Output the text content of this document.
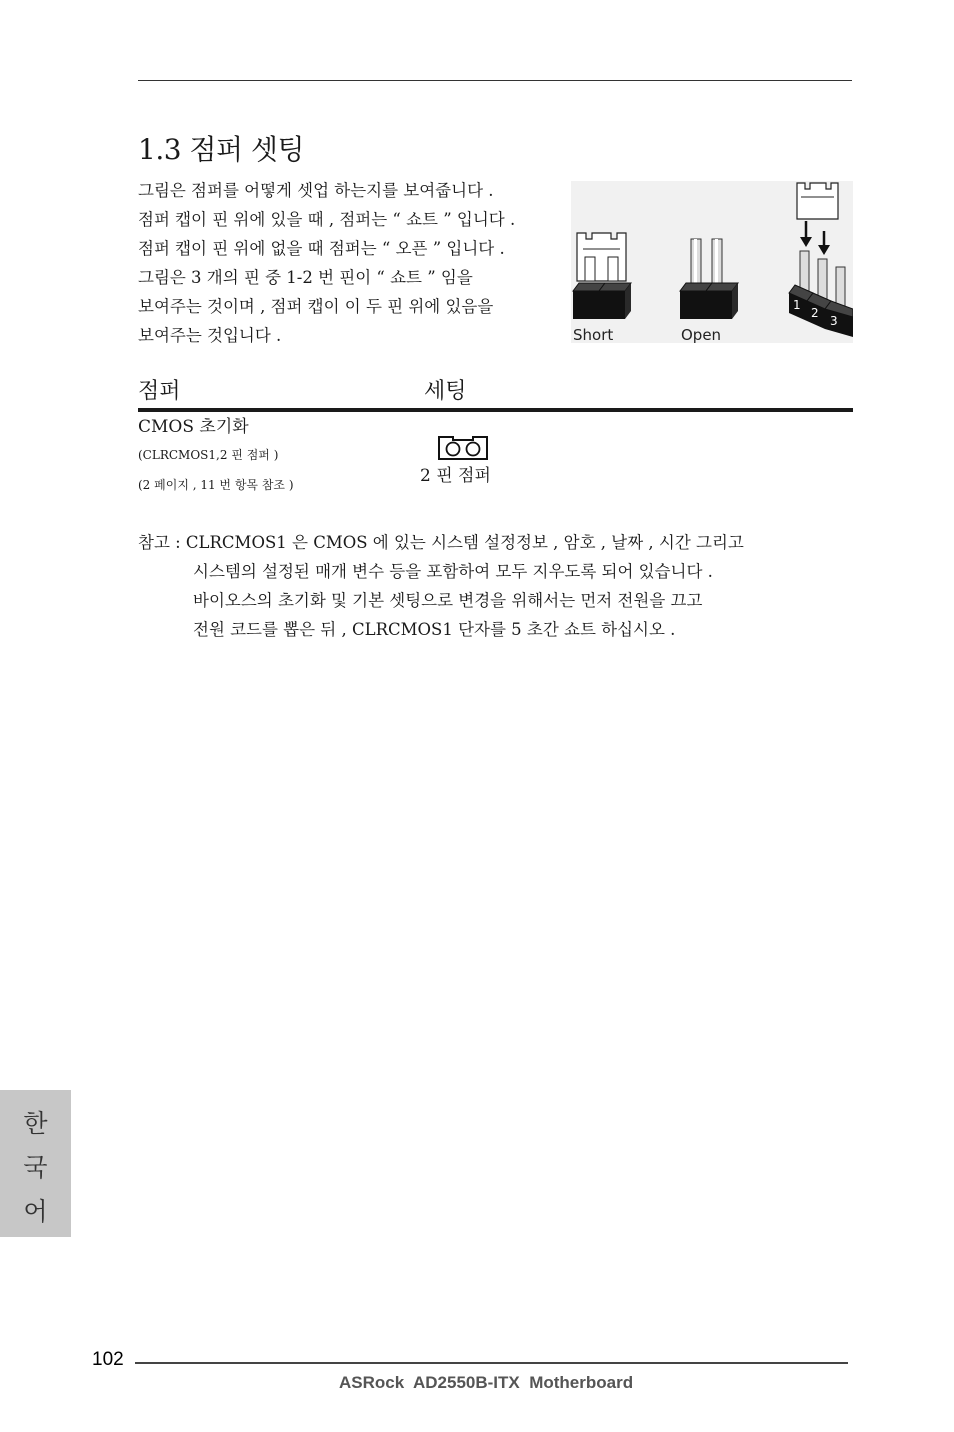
1.3 점퍼 셋팅
그림은 점퍼를 어떻게 셋업 하는지를 보여줍니다 .
점퍼 캡이 핀 위에 있을 때 , 점퍼는 “ 쇼트 ” 입니다 .
점퍼 캡이 핀 위에 없을 때 점퍼는 “ 오픈 ” 입니다 .
그림은 3 개의 핀 중 1-2 번 핀이 “ 쇼트 ” 임을
보여주는 것이며 , 점퍼 캡이 이 두 핀 위에 있음을
보여주는 것입니다 .	Short	Open
1
2
3
점퍼	세팅
CMOS 초기화
(CLRCMOS1,2 핀 점퍼 )
(2 페이지 , 11 번 항목 참조 )	2 핀 점퍼
참고 : CLRCMOS1 은 CMOS 에 있는 시스템 설정정보 , 암호 , 날짜 , 시간 그리고
시스템의 설정된 매개 변수 등을 포함하여 모두 지우도록 되어 있습니다 .
바이오스의 초기화 및 기본 셋팅으로 변경을 위해서는 먼저 전원을 끄고
전원 코드를 뽑은 뒤 , CLRCMOS1 단자를 5 초간 쇼트 하십시오 .
한
국
어
102
ASRock  AD2550B-ITX  Motherboard
